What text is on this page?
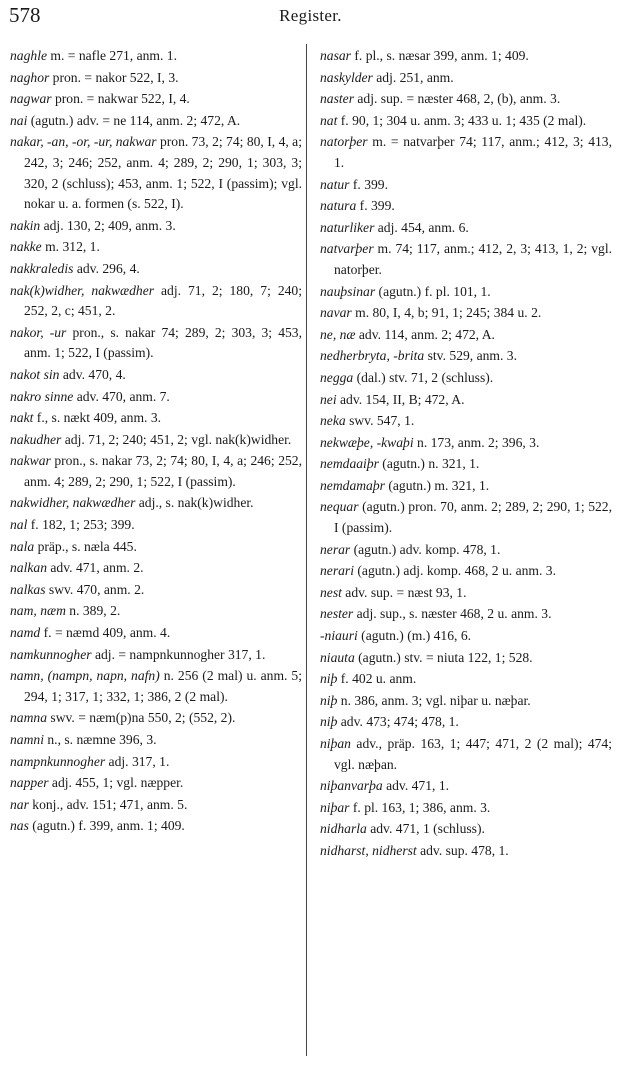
578	Register.
naghle m. = nafle 271, anm. 1.
naghor pron. = nakor 522, I, 3.
nagwar pron. = nakwar 522, I, 4.
nai (agutn.) adv. = ne 114, anm. 2; 472, A.
nakar, -an, -or, -ur, nakwar pron. 73, 2; 74; 80, I, 4, a; 242, 3; 246; 252, anm. 4; 289, 2; 290, 1; 303, 3; 320, 2 (schluss); 453, anm. 1; 522, I (passim); vgl. nokar u. a. formen (s. 522, I).
nakin adj. 130, 2; 409, anm. 3.
nakke m. 312, 1.
nakkraledis adv. 296, 4.
nak(k)widher, nakwædher adj. 71, 2; 180, 7; 240; 252, 2, c; 451, 2.
nakor, -ur pron., s. nakar 74; 289, 2; 303, 3; 453, anm. 1; 522, I (passim).
nakot sin adv. 470, 4.
nakro sinne adv. 470, anm. 7.
nakt f., s. nækt 409, anm. 3.
nakudher adj. 71, 2; 240; 451, 2; vgl. nak(k)widher.
nakwar pron., s. nakar 73, 2; 74; 80, I, 4, a; 246; 252, anm. 4; 289, 2; 290, 1; 522, I (passim).
nakwidher, nakwædher adj., s. nak(k)widher.
nal f. 182, 1; 253; 399.
nala präp., s. næla 445.
nalkan adv. 471, anm. 2.
nalkas swv. 470, anm. 2.
nam, næm n. 389, 2.
namd f. = næmd 409, anm. 4.
namkunnogher adj. = nampnkunnogher 317, 1.
namn, (nampn, napn, nafn) n. 256 (2 mal) u. anm. 5; 294, 1; 317, 1; 332, 1; 386, 2 (2 mal).
namna swv. = næm(p)na 550, 2; (552, 2).
namni n., s. næmne 396, 3.
nampnkunnogher adj. 317, 1.
napper adj. 455, 1; vgl. næpper.
nar konj., adv. 151; 471, anm. 5.
nas (agutn.) f. 399, anm. 1; 409.
nasar f. pl., s. næsar 399, anm. 1; 409.
naskylder adj. 251, anm.
naster adj. sup. = næster 468, 2, (b), anm. 3.
nat f. 90, 1; 304 u. anm. 3; 433 u. 1; 435 (2 mal).
natorþer m. = natvarþer 74; 117, anm.; 412, 3; 413, 1.
natur f. 399.
natura f. 399.
naturliker adj. 454, anm. 6.
natvarþer m. 74; 117, anm.; 412, 2, 3; 413, 1, 2; vgl. natorþer.
nauþsinar (agutn.) f. pl. 101, 1.
navar m. 80, I, 4, b; 91, 1; 245; 384 u. 2.
ne, næ adv. 114, anm. 2; 472, A.
nedherbryta, -brita stv. 529, anm. 3.
negga (dal.) stv. 71, 2 (schluss).
nei adv. 154, II, B; 472, A.
neka swv. 547, 1.
nekwæþe, -kwaþi n. 173, anm. 2; 396, 3.
nemdaaiþr (agutn.) n. 321, 1.
nemdamaþr (agutn.) m. 321, 1.
nequar (agutn.) pron. 70, anm. 2; 289, 2; 290, 1; 522, I (passim).
nerar (agutn.) adv. komp. 478, 1.
nerari (agutn.) adj. komp. 468, 2 u. anm. 3.
nest adv. sup. = næst 93, 1.
nester adj. sup., s. næster 468, 2 u. anm. 3.
-niauri (agutn.) (m.) 416, 6.
niauta (agutn.) stv. = niuta 122, 1; 528.
niþ f. 402 u. anm.
niþ n. 386, anm. 3; vgl. niþar u. næþar.
niþ adv. 473; 474; 478, 1.
niþan adv., präp. 163, 1; 447; 471, 2 (2 mal); 474; vgl. næþan.
niþanvarþa adv. 471, 1.
niþar f. pl. 163, 1; 386, anm. 3.
nidharla adv. 471, 1 (schluss).
nidharst, nidherst adv. sup. 478, 1.
